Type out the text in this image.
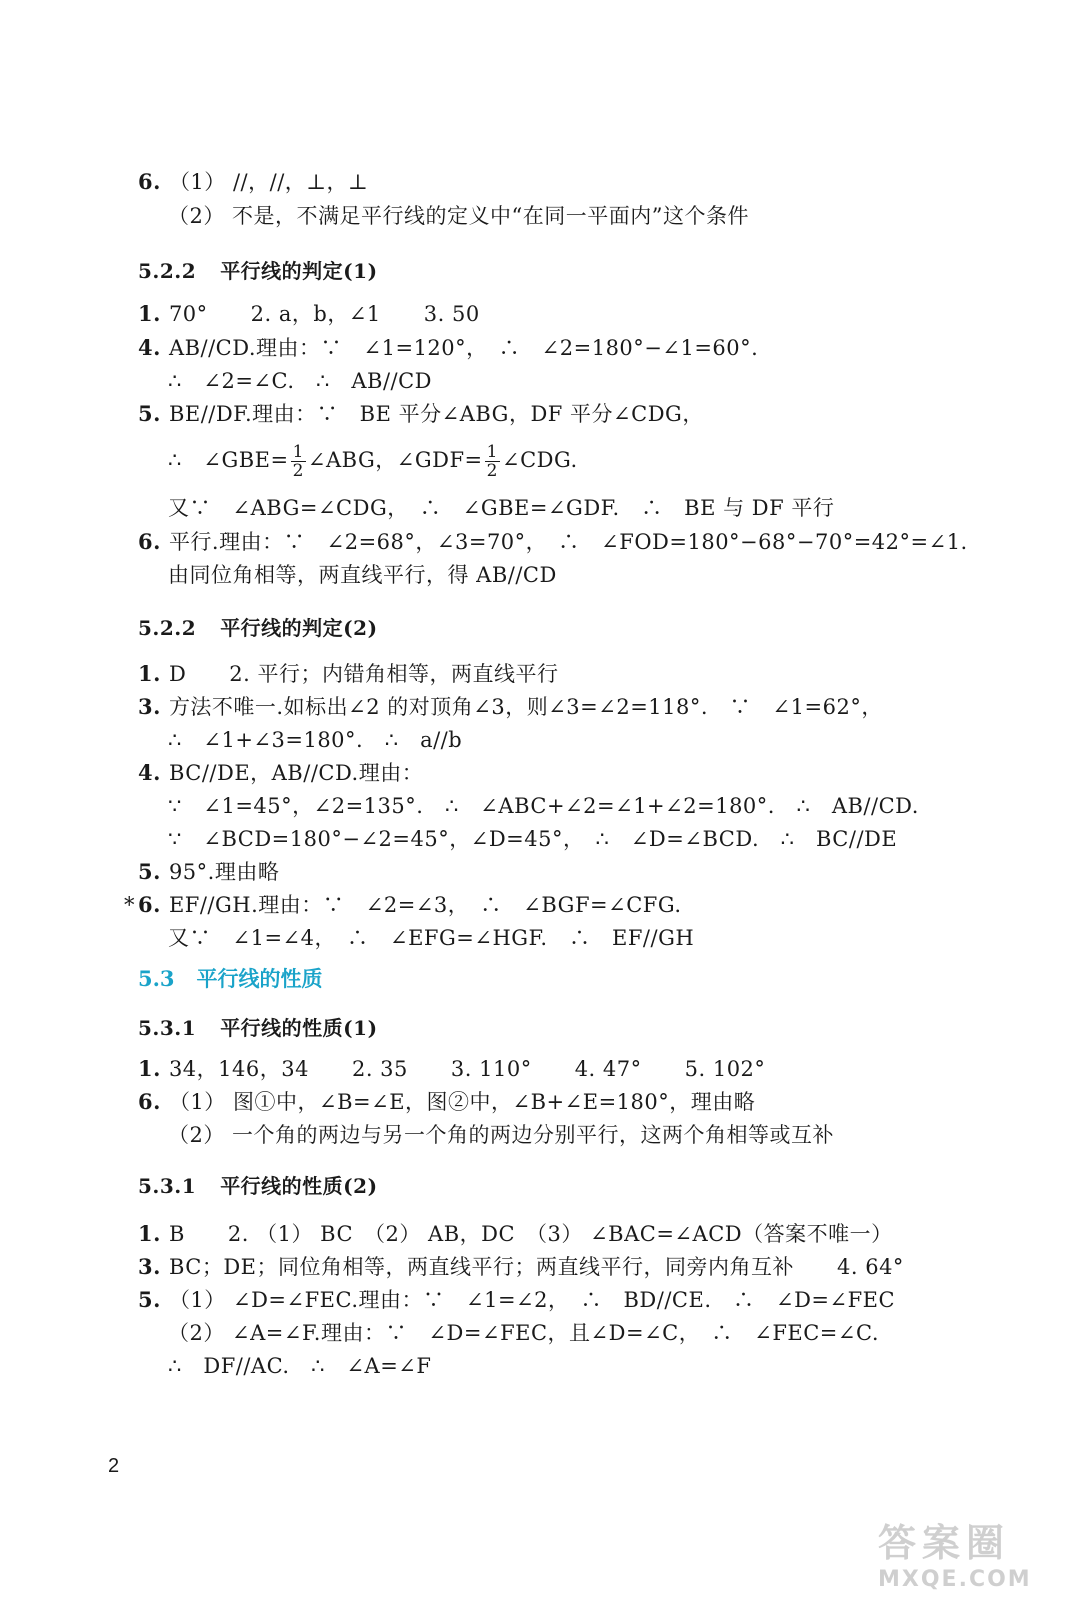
5.3 平行线的性质
∴　∠GBE= $\frac{1}{2}$ ∠ABG，∠GDF= $\frac{1}{2}$ ∠CDG.
2
答案圈
MXQE.COM
5.2.2 平行线的判定(1)
5.2.2 平行线的判定(2)
5.3.1 平行线的性质(1)
5.3.1 平行线的性质(2)
6. （1） //，//，⊥，⊥
（2） 不是，不满足平行线的定义中“在同一平面内”这个条件
1. 70°　　2. a，b，∠1　　3. 50
4. AB//CD.理由：∵　∠1=120°，　∴　∠2=180°−∠1=60°.
∴　∠2=∠C.　∴　AB//CD
5. BE//DF.理由：∵　BE 平分∠ABG，DF 平分∠CDG，
又∵　∠ABG=∠CDG，　∴　∠GBE=∠GDF.　∴　BE 与 DF 平行
6. 平行.理由：∵　∠2=68°，∠3=70°，　∴　∠FOD=180°−68°−70°=42°=∠1.
由同位角相等，两直线平行，得 AB//CD
1. D　　2. 平行；内错角相等，两直线平行
3. 方法不唯一.如标出∠2 的对顶角∠3，则∠3=∠2=118°.　∵　∠1=62°，
∴　∠1+∠3=180°.　∴　a//b
4. BC//DE，AB//CD.理由：
∵　∠1=45°，∠2=135°.　∴　∠ABC+∠2=∠1+∠2=180°.　∴　AB//CD.
∵　∠BCD=180°−∠2=45°，∠D=45°，　∴　∠D=∠BCD.　∴　BC//DE
5. 95°.理由略
* 6. EF//GH.理由：∵　∠2=∠3，　∴　∠BGF=∠CFG.
又∵　∠1=∠4，　∴　∠EFG=∠HGF.　∴　EF//GH
1. 34，146，34　　2. 35　　3. 110°　　4. 47°　　5. 102°
6. （1） 图①中，∠B=∠E，图②中，∠B+∠E=180°，理由略
（2） 一个角的两边与另一个角的两边分别平行，这两个角相等或互补
1. B　　2. （1） BC　（2） AB，DC　（3） ∠BAC=∠ACD（答案不唯一）
3. BC；DE；同位角相等，两直线平行；两直线平行，同旁内角互补　　4. 64°
5. （1） ∠D=∠FEC.理由：∵　∠1=∠2，　∴　BD//CE.　∴　∠D=∠FEC
（2） ∠A=∠F.理由：∵　∠D=∠FEC，且∠D=∠C，　∴　∠FEC=∠C.
∴　DF//AC.　∴　∠A=∠F
